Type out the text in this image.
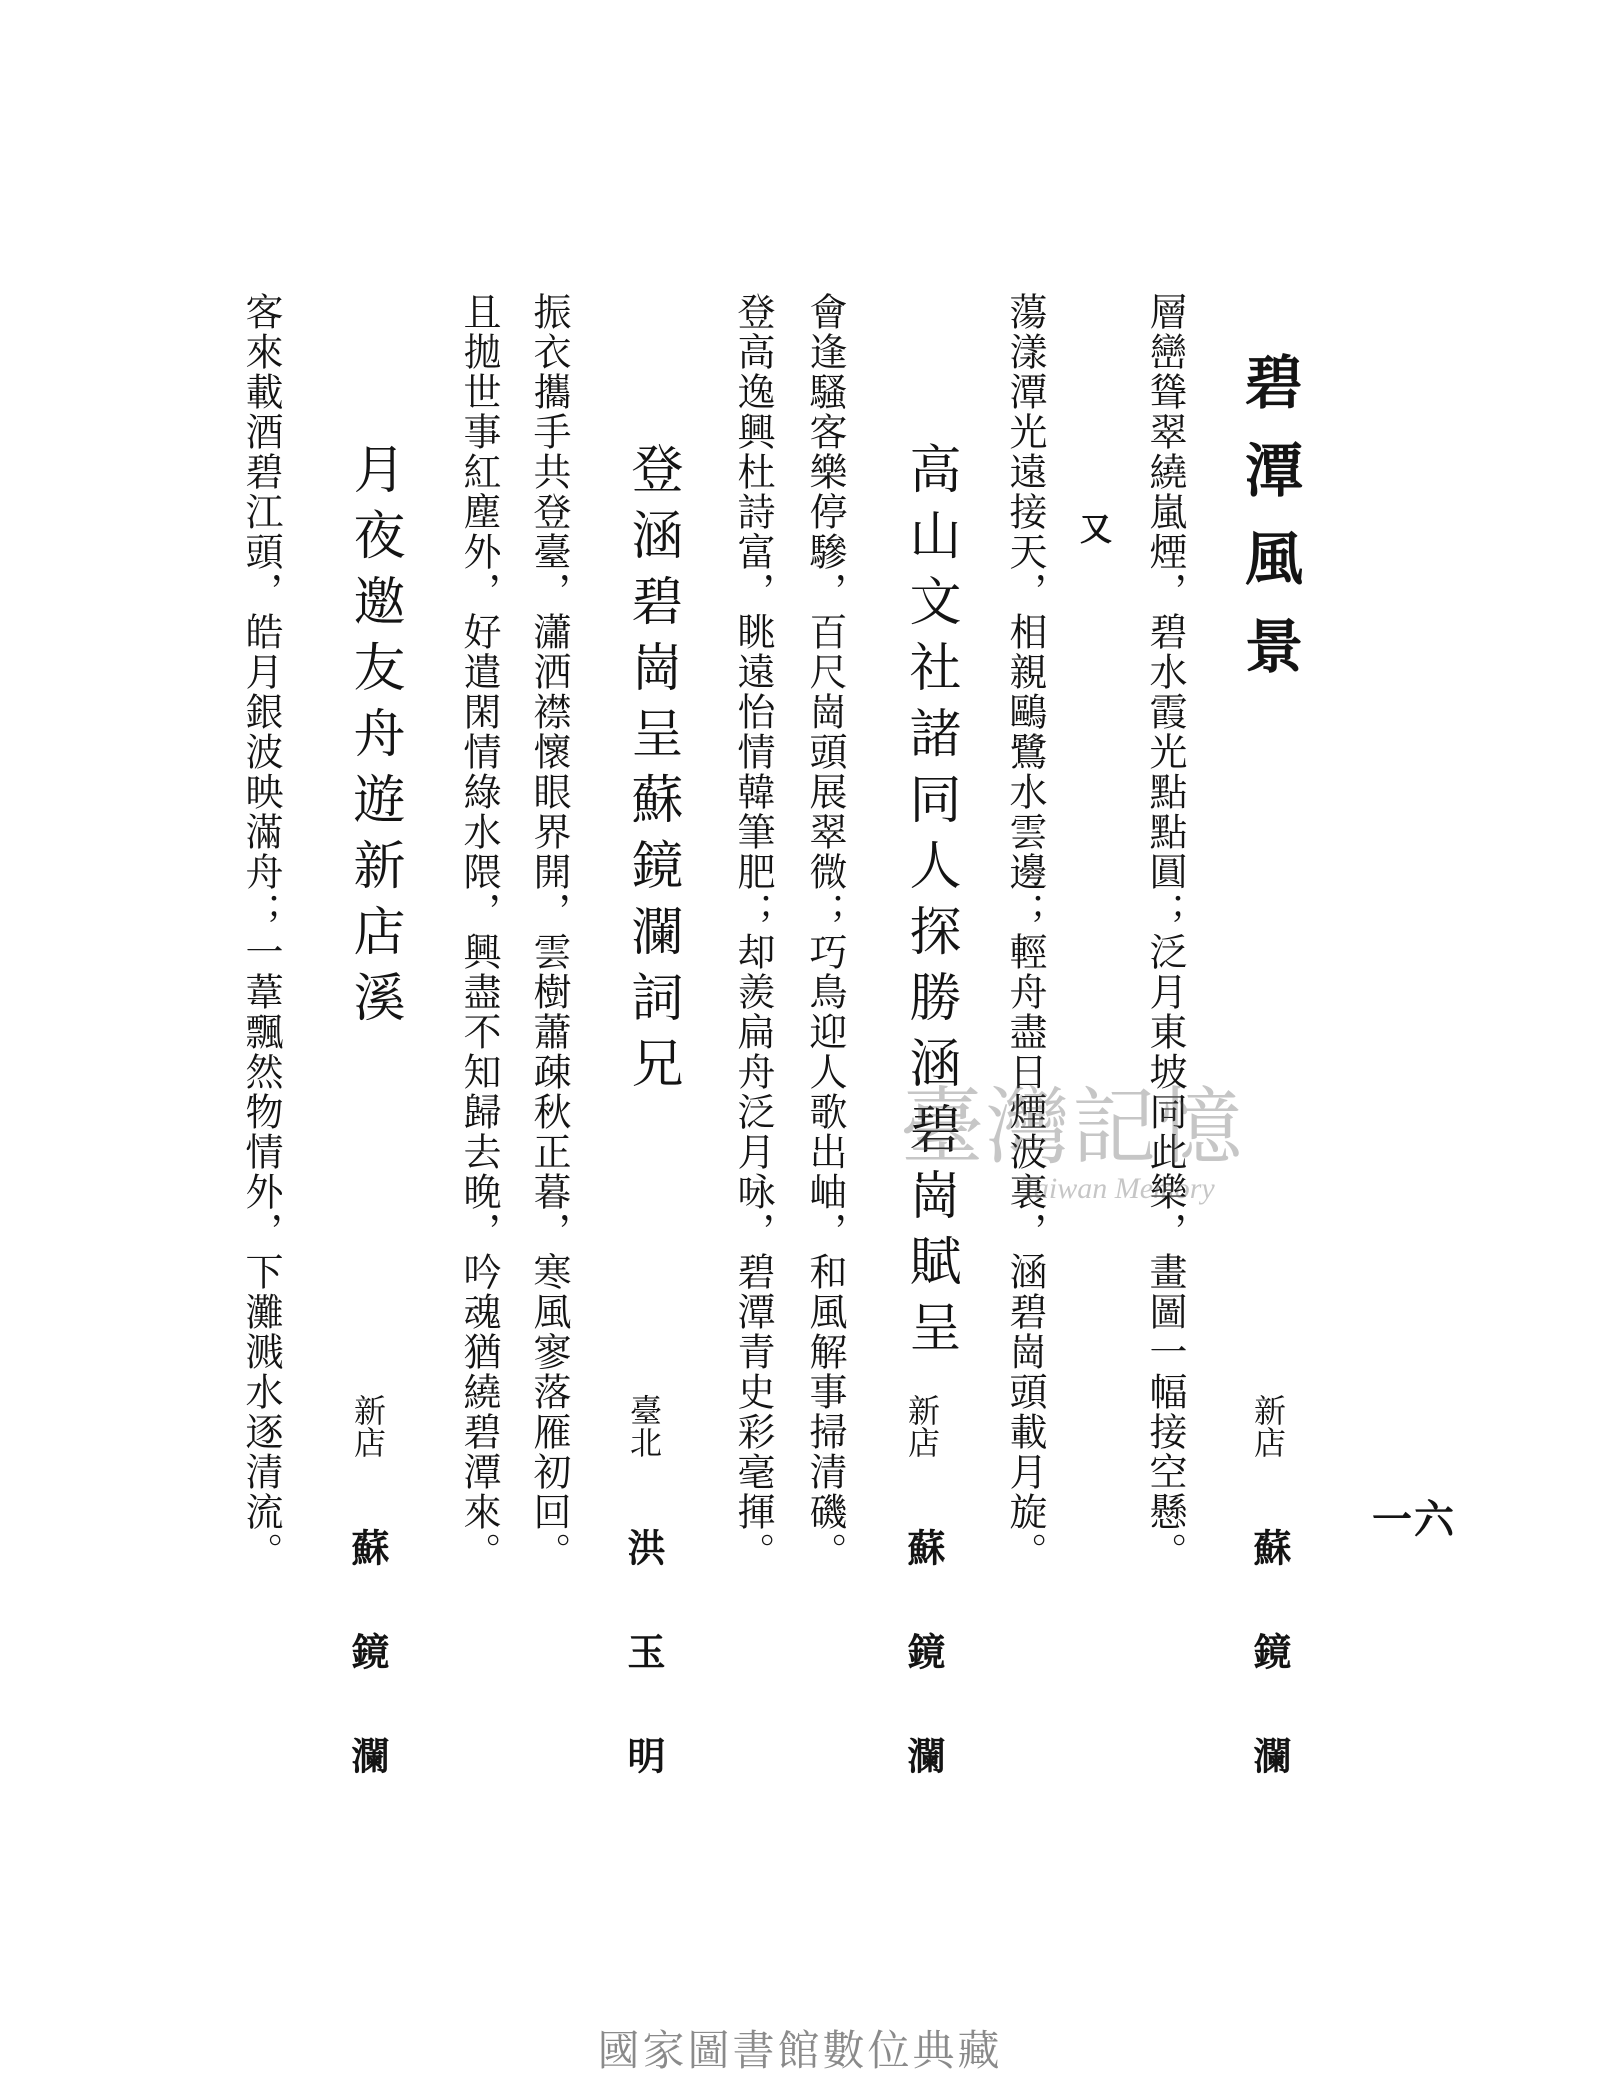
一六
碧潭風景
新店
蘇鏡瀾
層巒聳翠繞嵐煙，碧水霞光點點圓；泛月東坡同此樂，畫圖一幅接空懸。
又
蕩漾潭光遠接天，相親鷗鷺水雲邊；輕舟盡日煙波裏，涵碧崗頭載月旋。
高山文社諸同人探勝涵碧崗賦呈
新店
蘇鏡瀾
會逢騷客樂停驂，百尺崗頭展翠微；巧鳥迎人歌出岫，和風解事掃清磯。
登高逸興杜詩富，眺遠怡情韓筆肥；却羨扁舟泛月咏，碧潭青史彩毫揮。
登涵碧崗呈蘇鏡瀾詞兄
臺北
洪玉明
振衣攜手共登臺，瀟洒襟懷眼界開，雲樹蕭疎秋正暮，寒風寥落雁初回。
且拋世事紅塵外，好遣閑情綠水隈，興盡不知歸去晚，吟魂猶繞碧潭來。
月夜邀友舟遊新店溪
新店
蘇鏡瀾
客來載酒碧江頭，皓月銀波映滿舟；一葦飄然物情外，下灘溅水逐清流。	臺灣記憶
Taiwan Memory
國家圖書館數位典藏
